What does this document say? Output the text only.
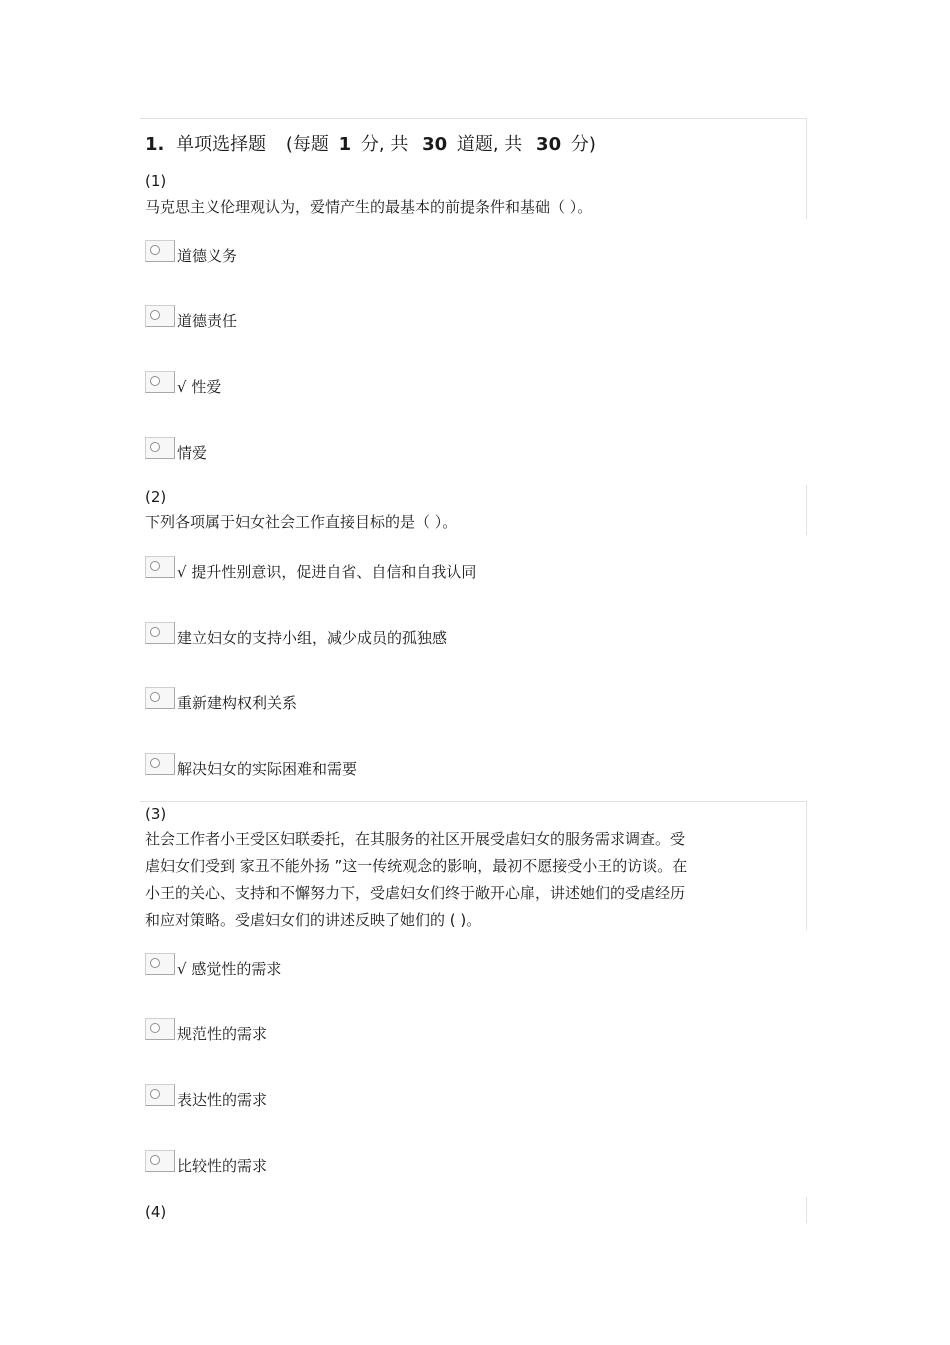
1. 单项选择题 (每题 1 分, 共 30 道题, 共 30 分)
(1)
马克思主义伦理观认为，爱情产生的最基本的前提条件和基础（ ）。
道德义务
道德责任
√ 性爱
情爱
(2)
下列各项属于妇女社会工作直接目标的是（ ）。
√ 提升性别意识，促进自省、自信和自我认同
建立妇女的支持小组，减少成员的孤独感
重新建构权利关系
解决妇女的实际困难和需要
(3)
社会工作者小王受区妇联委托，在其服务的社区开展受虐妇女的服务需求调查。受
虐妇女们受到 家丑不能外扬 ”这一传统观念的影响，最初不愿接受小王的访谈。在
小王的关心、支持和不懈努力下，受虐妇女们终于敞开心扉，讲述她们的受虐经历
和应对策略。受虐妇女们的讲述反映了她们的 ( )。
√ 感觉性的需求
规范性的需求
表达性的需求
比较性的需求
(4)
